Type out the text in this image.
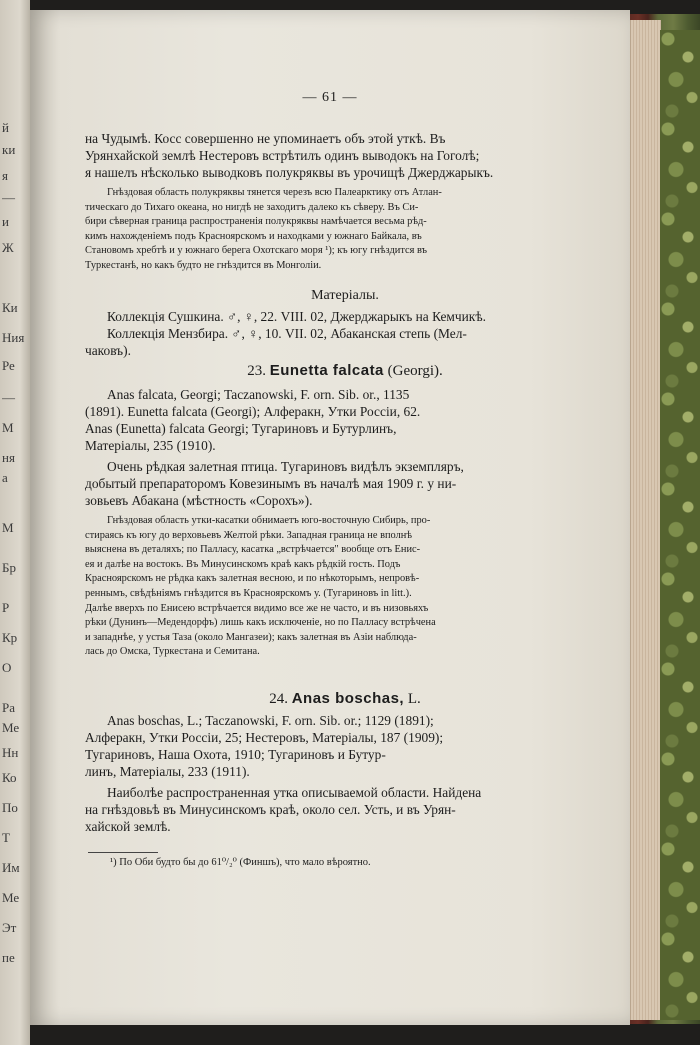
й
ки
я
—
и
Ж
Ки
Ния
Ре
—
М
ня
а
М
Бр
Р
Кр
О
Ра
Ме
Нн
Ко
По
Т
Им
Ме
Эт
пе
— 61 —
на Чудымѣ. Косс совершенно не упоминаетъ объ этой уткѣ. Въ
Урянхайской землѣ Нестеровъ встрѣтилъ одинъ выводокъ на Гоголѣ;
я нашелъ нѣсколько выводковъ полукряквы въ урочищѣ Джерджарыкъ.
Гнѣздовая область полукряквы тянется черезъ всю Палеарктику отъ Атлан-
тическаго до Тихаго океана, но нигдѣ не заходитъ далеко къ сѣверу. Въ Си-
бири сѣверная граница распространенія полукряквы намѣчается весьма рѣд-
кимъ нахожденіемъ подъ Красноярскомъ и находками у южнаго Байкала, въ
Становомъ хребтѣ и у южнаго берега Охотскаго моря ¹); къ югу гнѣздится въ
Туркестанѣ, но какъ будто не гнѣздится въ Монголіи.
Матеріалы.
Коллекція Сушкина. ♂, ♀, 22. VIII. 02, Джерджарыкъ на Кемчикѣ.
Коллекція Мензбира. ♂, ♀, 10. VII. 02, Абаканская степь (Мел-
чаковъ).
23. Eunetta falcata (Georgi).
Anas falcata, Georgi; Taczanowski, F. orn. Sib. or., 1135
(1891). Eunetta falcata (Georgi); Алферакн, Утки Россіи, 62.
Anas (Eunetta) falcata Georgi; Тугариновъ и Бутурлинъ,
Матеріалы, 235 (1910).
Очень рѣдкая залетная птица. Тугариновъ видѣлъ экземпляръ,
добытый препараторомъ Ковезинымъ въ началѣ мая 1909 г. у ни-
зовьевъ Абакана (мѣстность «Сорохъ»).
Гнѣздовая область утки-касатки обнимаетъ юго-восточную Сибирь, про-
стираясь къ югу до верховьевъ Желтой рѣки. Западная граница не вполнѣ
выяснена въ деталяхъ; по Палласу, касатка „встрѣчается" вообще отъ Енис-
ея и далѣе на востокъ. Въ Минусинскомъ краѣ какъ рѣдкій гость. Подъ
Красноярскомъ не рѣдка какъ залетная весною, и по нѣкоторымъ, непровѣ-
реннымъ, свѣдѣніямъ гнѣздится въ Красноярскомъ у. (Тугариновъ in litt.).
Далѣе вверхъ по Енисею встрѣчается видимо все же не часто, и въ низовьяхъ
рѣки (Дунинъ—Медендорфъ) лишь какъ исключеніе, но по Палласу встрѣчена
и западнѣе, у устья Таза (около Мангазеи); какъ залетная въ Азіи наблюда-
лась до Омска, Туркестана и Семитана.
24. Anas boschas, L.
Anas boschas, L.; Taczanowski, F. orn. Sib. or.; 1129 (1891);
Алферакн, Утки Россіи, 25; Нестеровъ, Матеріалы, 187 (1909);
Тугариновъ, Наша Охота, 1910; Тугариновъ и Бутур-
линъ, Матеріалы, 233 (1911).
Наиболѣе распространенная утка описываемой области. Найдена
на гнѣздовьѣ въ Минусинскомъ краѣ, около сел. Усть, и въ Урян-
хайской землѣ.
¹) По Оби будто бы до 61⁰/₂⁰ (Финшъ), что мало вѣроятно.
